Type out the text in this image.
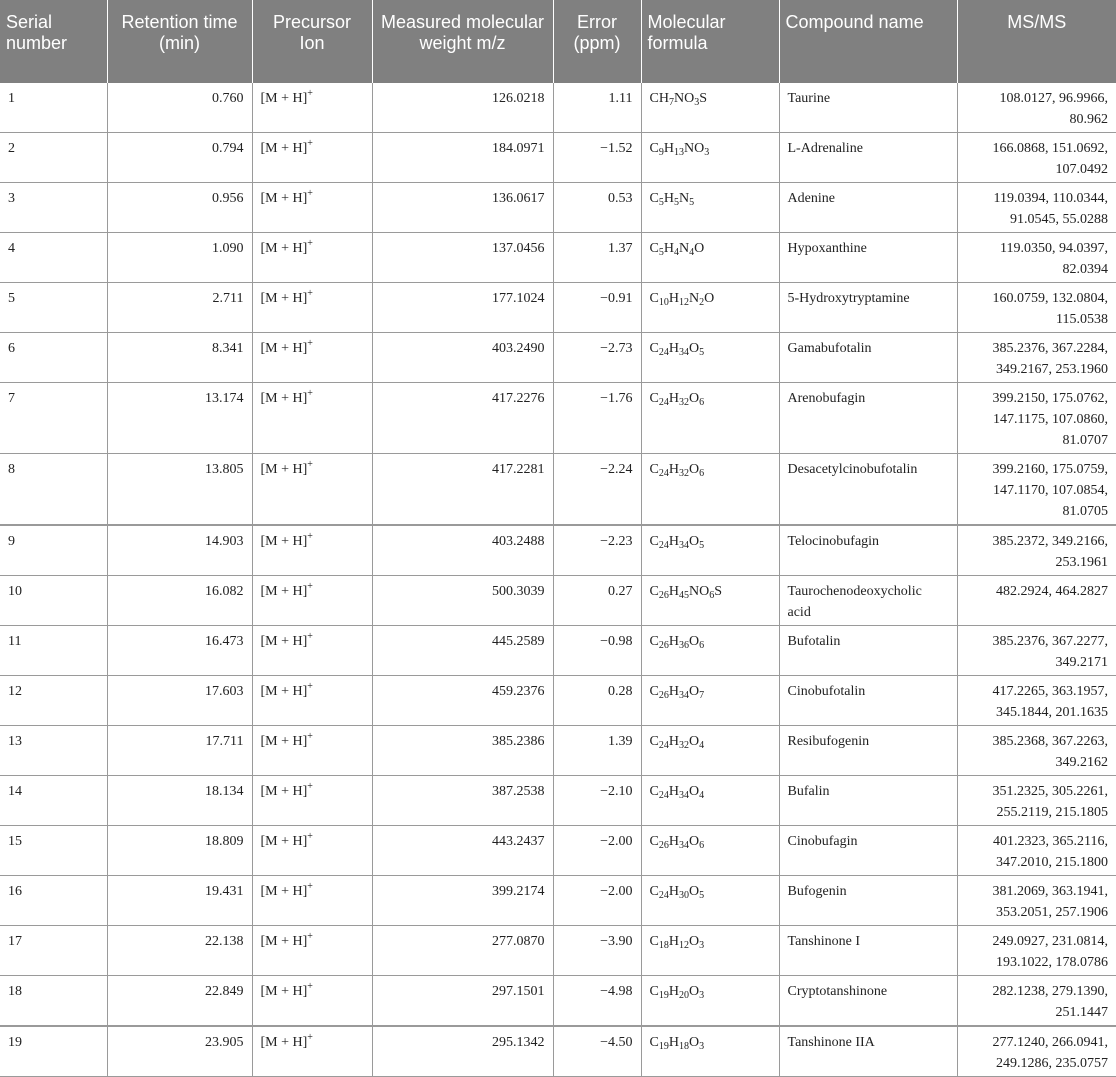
Serial number	Retention time (min)	Precursor Ion	Measured molecular weight m/z	Error (ppm)	Molecular formula	Compound name	MS/MS
1	0.760	[M + H]+	126.0218	1.11	$CH_7NO_3S$	Taurine	108.0127, 96.9966, 80.962
2	0.794	[M + H]+	184.0971	−1.52	$C_9H_{13}NO_3$	L-Adrenaline	166.0868, 151.0692, 107.0492
3	0.956	[M + H]+	136.0617	0.53	$C_5H_5N_5$	Adenine	119.0394, 110.0344, 91.0545, 55.0288
4	1.090	[M + H]+	137.0456	1.37	$C_5H_4N_4O$	Hypoxanthine	119.0350, 94.0397, 82.0394
5	2.711	[M + H]+	177.1024	−0.91	$C_{10}H_{12}N_2O$	5-Hydroxytryptamine	160.0759, 132.0804, 115.0538
6	8.341	[M + H]+	403.2490	−2.73	$C_{24}H_{34}O_5$	Gamabufotalin	385.2376, 367.2284, 349.2167, 253.1960
7	13.174	[M + H]+	417.2276	−1.76	$C_{24}H_{32}O_6$	Arenobufagin	399.2150, 175.0762, 147.1175, 107.0860, 81.0707
8	13.805	[M + H]+	417.2281	−2.24	$C_{24}H_{32}O_6$	Desacetylcinobufotalin	399.2160, 175.0759, 147.1170, 107.0854, 81.0705
9	14.903	[M + H]+	403.2488	−2.23	$C_{24}H_{34}O_5$	Telocinobufagin	385.2372, 349.2166, 253.1961
10	16.082	[M + H]+	500.3039	0.27	$C_{26}H_{45}NO_6S$	Taurochenodeoxycholic acid	482.2924, 464.2827
11	16.473	[M + H]+	445.2589	−0.98	$C_{26}H_{36}O_6$	Bufotalin	385.2376, 367.2277, 349.2171
12	17.603	[M + H]+	459.2376	0.28	$C_{26}H_{34}O_7$	Cinobufotalin	417.2265, 363.1957, 345.1844, 201.1635
13	17.711	[M + H]+	385.2386	1.39	$C_{24}H_{32}O_4$	Resibufogenin	385.2368, 367.2263, 349.2162
14	18.134	[M + H]+	387.2538	−2.10	$C_{24}H_{34}O_4$	Bufalin	351.2325, 305.2261, 255.2119, 215.1805
15	18.809	[M + H]+	443.2437	−2.00	$C_{26}H_{34}O_6$	Cinobufagin	401.2323, 365.2116, 347.2010, 215.1800
16	19.431	[M + H]+	399.2174	−2.00	$C_{24}H_{30}O_5$	Bufogenin	381.2069, 363.1941, 353.2051, 257.1906
17	22.138	[M + H]+	277.0870	−3.90	$C_{18}H_{12}O_3$	Tanshinone I	249.0927, 231.0814, 193.1022, 178.0786
18	22.849	[M + H]+	297.1501	−4.98	$C_{19}H_{20}O_3$	Cryptotanshinone	282.1238, 279.1390, 251.1447
19	23.905	[M + H]+	295.1342	−4.50	$C_{19}H_{18}O_3$	Tanshinone IIA	277.1240, 266.0941, 249.1286, 235.0757
